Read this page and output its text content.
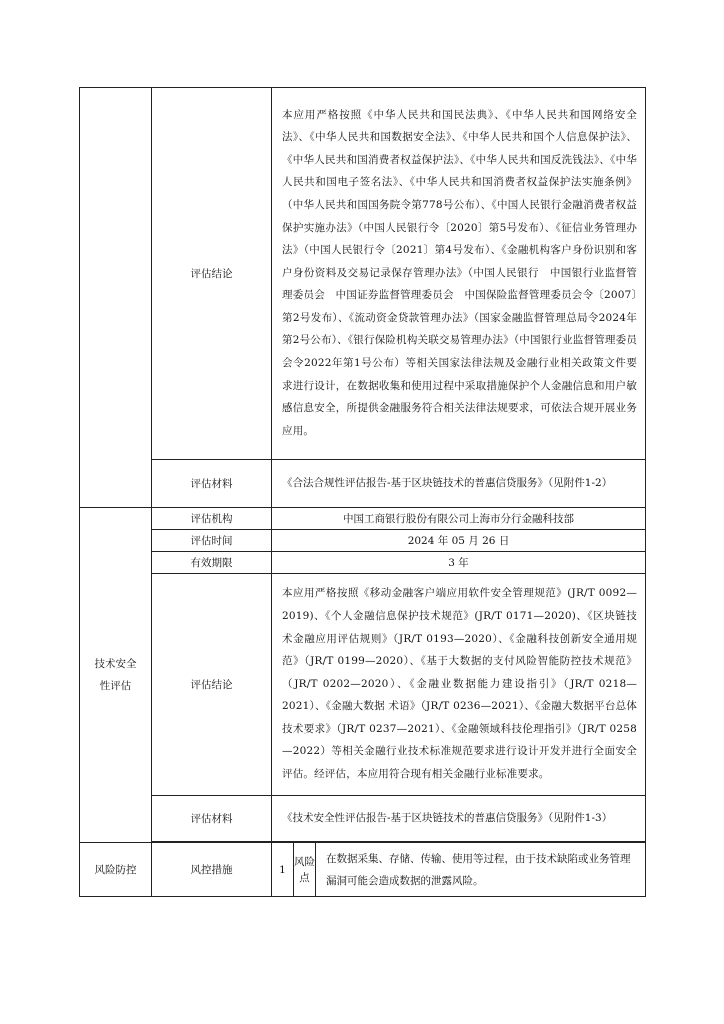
	评估结论	本应用严格按照《中华人民共和国民法典》、《中华人民共和国网络安全法》、《中华人民共和国数据安全法》、《中华人民共和国个人信息保护法》、《中华人民共和国消费者权益保护法》、《中华人民共和国反洗钱法》、《中华人民共和国电子签名法》、《中华人民共和国消费者权益保护法实施条例》（中华人民共和国国务院令第778号公布）、《中国人民银行金融消费者权益保护实施办法》（中国人民银行令〔2020〕第5号发布）、《征信业务管理办法》（中国人民银行令〔2021〕第4号发布）、《金融机构客户身份识别和客户身份资料及交易记录保存管理办法》（中国人民银行　中国银行业监督管理委员会　中国证券监督管理委员会　中国保险监督管理委员会令〔2007〕第2号发布）、《流动资金贷款管理办法》（国家金融监督管理总局令2024年第2号公布）、《银行保险机构关联交易管理办法》（中国银行业监督管理委员会令2022年第1号公布）等相关国家法律法规及金融行业相关政策文件要求进行设计，在数据收集和使用过程中采取措施保护个人金融信息和用户敏感信息安全，所提供金融服务符合相关法律法规要求，可依法合规开展业务应用。		
	评估材料	《合法合规性评估报告-基于区块链技术的普惠信贷服务》（见附件1-2）		
技术安全性评估	评估机构	中国工商银行股份有限公司上海市分行金融科技部		
	评估时间	2024 年 05 月 26 日		
	有效期限	3 年		
	评估结论	本应用严格按照《移动金融客户端应用软件安全管理规范》(JR/T 0092—2019)、《个人金融信息保护技术规范》(JR/T 0171—2020)、《区块链技术金融应用评估规则》（JR/T 0193—2020）、《金融科技创新安全通用规范》（JR/T 0199—2020）、《基于大数据的支付风险智能防控技术规范》（JR/T 0202—2020）、《金融业数据能力建设指引》（JR/T 0218—2021）、《金融大数据 术语》（JR/T 0236—2021）、《金融大数据平台总体技术要求》（JR/T 0237—2021）、《金融领域科技伦理指引》（JR/T 0258—2022）等相关金融行业技术标准规范要求进行设计开发并进行全面安全评估。经评估，本应用符合现有相关金融行业标准要求。		
	评估材料	《技术安全性评估报告-基于区块链技术的普惠信贷服务》（见附件1-3）		

风险防控	风控措施	1	风险点	在数据采集、存储、传输、使用等过程，由于技术缺陷或业务管理漏洞可能会造成数据的泄露风险。
